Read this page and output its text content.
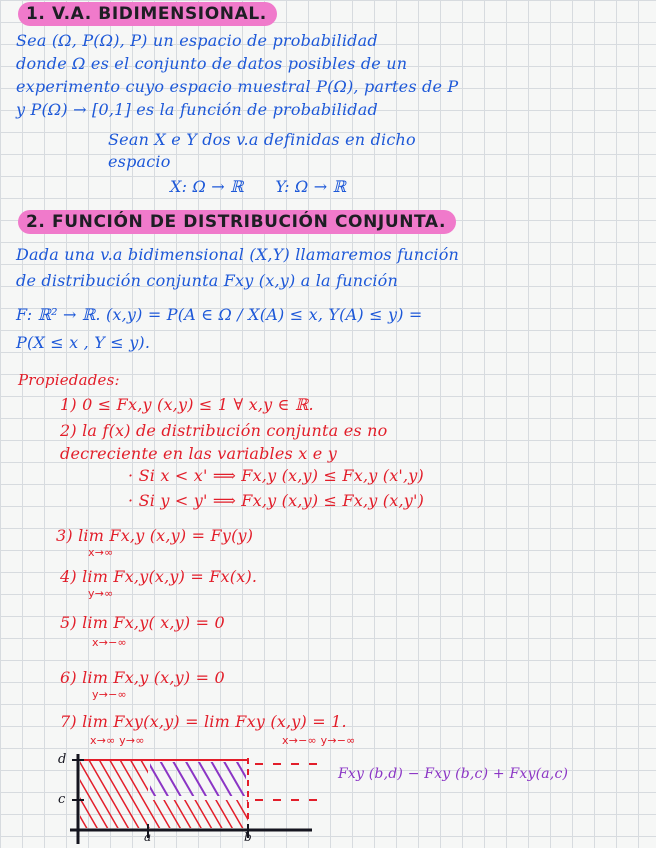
1. V.A. BIDIMENSIONAL.
Sea (Ω, P(Ω), P) un espacio de probabilidad
donde Ω es el conjunto de datos posibles de un
experimento cuyo espacio muestral P(Ω), partes de P
y P(Ω) → [0,1] es la función de probabilidad
Sean X e Y dos v.a definidas en dicho
espacio
X: Ω → ℝ      Y: Ω → ℝ
2. FUNCIÓN DE DISTRIBUCIÓN CONJUNTA.
Dada una v.a bidimensional (X,Y) llamaremos función
de distribución conjunta Fxy (x,y) a la función
F: ℝ² → ℝ. (x,y) = P(A ∈ Ω / X(A) ≤ x, Y(A) ≤ y) =
P(X ≤ x , Y ≤ y).
Propiedades:
1) 0 ≤ Fx,y (x,y) ≤ 1 ∀ x,y ∈ ℝ.
2) la f(x) de distribución conjunta es no
decreciente en las variables x e y
· Si x < x' ⟹ Fx,y (x,y) ≤ Fx,y (x',y)
· Si y < y' ⟹ Fx,y (x,y) ≤ Fx,y (x,y')
3) lim Fx,y (x,y) = Fy(y)
x→∞
4) lim Fx,y(x,y) = Fx(x).
y→∞
5) lim Fx,y( x,y) = 0
x→−∞
6) lim Fx,y (x,y) = 0
y→−∞
7) lim Fxy(x,y) = lim Fxy (x,y) = 1.
x→∞ y→∞	x→−∞ y→−∞
d
c
a	b
Fxy (b,d) − Fxy (b,c) + Fxy(a,c)
